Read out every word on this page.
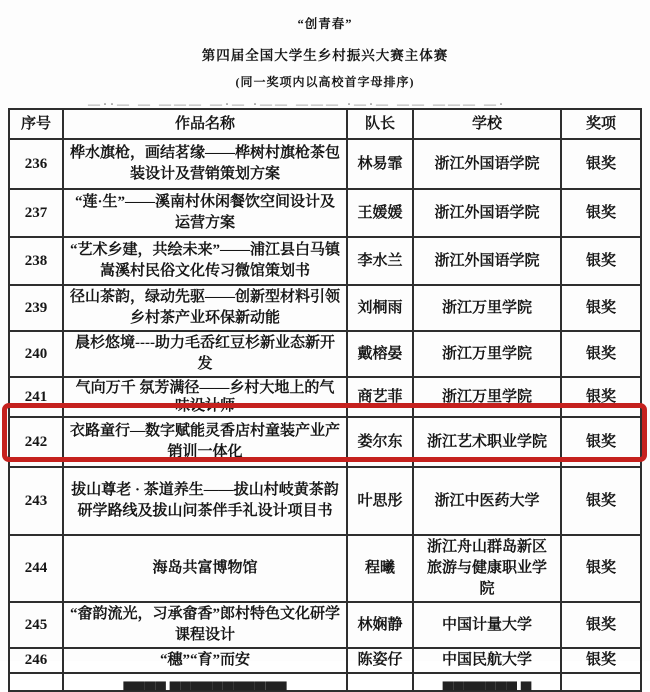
“创青春”
第四届全国大学生乡村振兴大赛主体赛
(同一奖项内以高校首字母排序)
—··— — ——— —·— ·—— ——— ·—·— —— ——— —·
序号	作品名称	队长	学校	奖项
236	桦水旗枪，画结茗缘——桦树村旗枪茶包装设计及营销策划方案	林易霏	浙江外国语学院	银奖
237	“莲·生”——溪南村休闲餐饮空间设计及运营方案	王媛媛	浙江外国语学院	银奖
238	“艺术乡建，共绘未来”——浦江县白马镇嵩溪村民俗文化传习微馆策划书	李水兰	浙江外国语学院	银奖
239	径山茶韵，绿动先驱——创新型材料引领乡村茶产业环保新动能	刘桐雨	浙江万里学院	银奖
240	晨杉悠境----助力毛岙红豆杉新业态新开发	戴榕晏	浙江万里学院	银奖
241	气向万千 氛芳满径——乡村大地上的气味设计师	商艺菲	浙江万里学院	银奖
242	衣路童行—数字赋能灵香店村童装产业产销训一体化	娄尔东	浙江艺术职业学院	银奖
243	拔山尊老 · 茶道养生——拔山村岐黄茶韵研学路线及拔山问茶伴手礼设计项目书	叶思彤	浙江中医药大学	银奖
244	海岛共富博物馆	程曦	浙江舟山群岛新区旅游与健康职业学院	银奖
245	“畲韵流光，习承畲香”郎村特色文化研学课程设计	林娴静	中国计量大学	银奖
246	“穗”“育”而安	陈姿仔	中国民航大学	银奖
	▄▄▄▄ ▄▄▄▄▄▄▄▄▄▄▄		▄▄▄▄▄▄▄ ▄	
